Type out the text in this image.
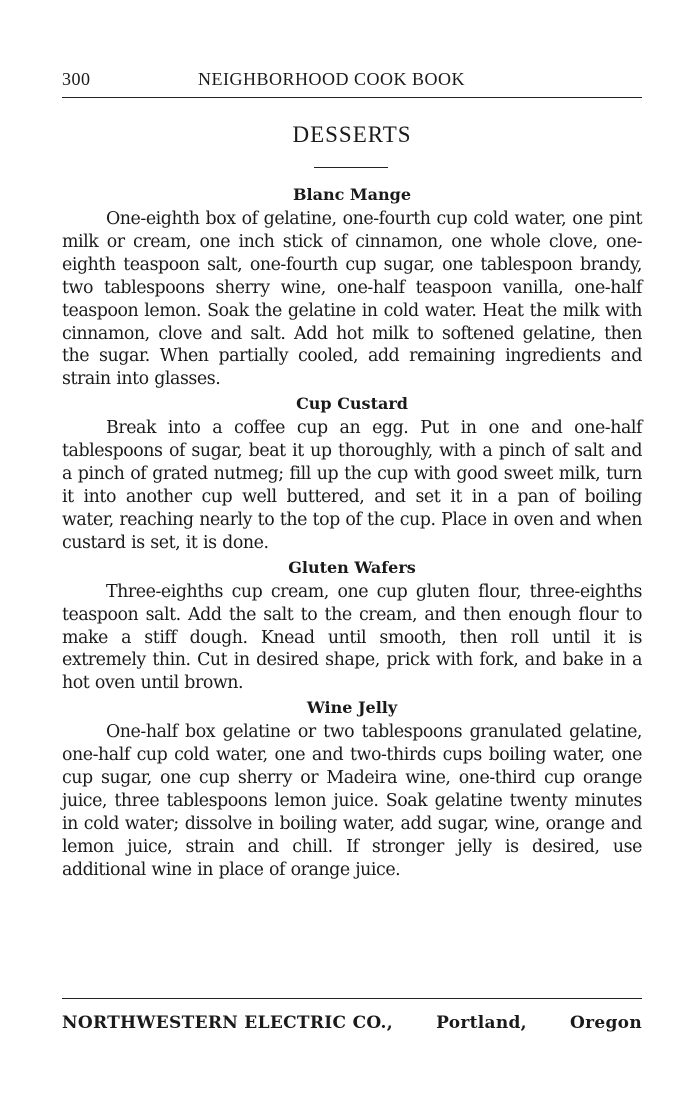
300	NEIGHBORHOOD COOK BOOK
DESSERTS
Blanc Mange

One-eighth box of gelatine, one-fourth cup cold water, one pint milk or cream, one inch stick of cinnamon, one whole clove, one-eighth teaspoon salt, one-fourth cup sugar, one tablespoon brandy, two tablespoons sherry wine, one-half teaspoon vanilla, one-half teaspoon lemon. Soak the gelatine in cold water. Heat the milk with cinnamon, clove and salt. Add hot milk to softened gelatine, then the sugar. When partially cooled, add remaining ingredients and strain into glasses.

Cup Custard

Break into a coffee cup an egg. Put in one and one-half tablespoons of sugar, beat it up thoroughly, with a pinch of salt and a pinch of grated nutmeg; fill up the cup with good sweet milk, turn it into another cup well buttered, and set it in a pan of boiling water, reaching nearly to the top of the cup. Place in oven and when custard is set, it is done.

Gluten Wafers

Three-eighths cup cream, one cup gluten flour, three-eighths teaspoon salt. Add the salt to the cream, and then enough flour to make a stiff dough. Knead until smooth, then roll until it is extremely thin. Cut in desired shape, prick with fork, and bake in a hot oven until brown.

Wine Jelly

One-half box gelatine or two tablespoons granulated gelatine, one-half cup cold water, one and two-thirds cups boiling water, one cup sugar, one cup sherry or Madeira wine, one-third cup orange juice, three tablespoons lemon juice. Soak gelatine twenty minutes in cold water; dissolve in boiling water, add sugar, wine, orange and lemon juice, strain and chill. If stronger jelly is desired, use additional wine in place of orange juice.

NORTHWESTERN ELECTRIC CO.,	Portland,	Oregon
